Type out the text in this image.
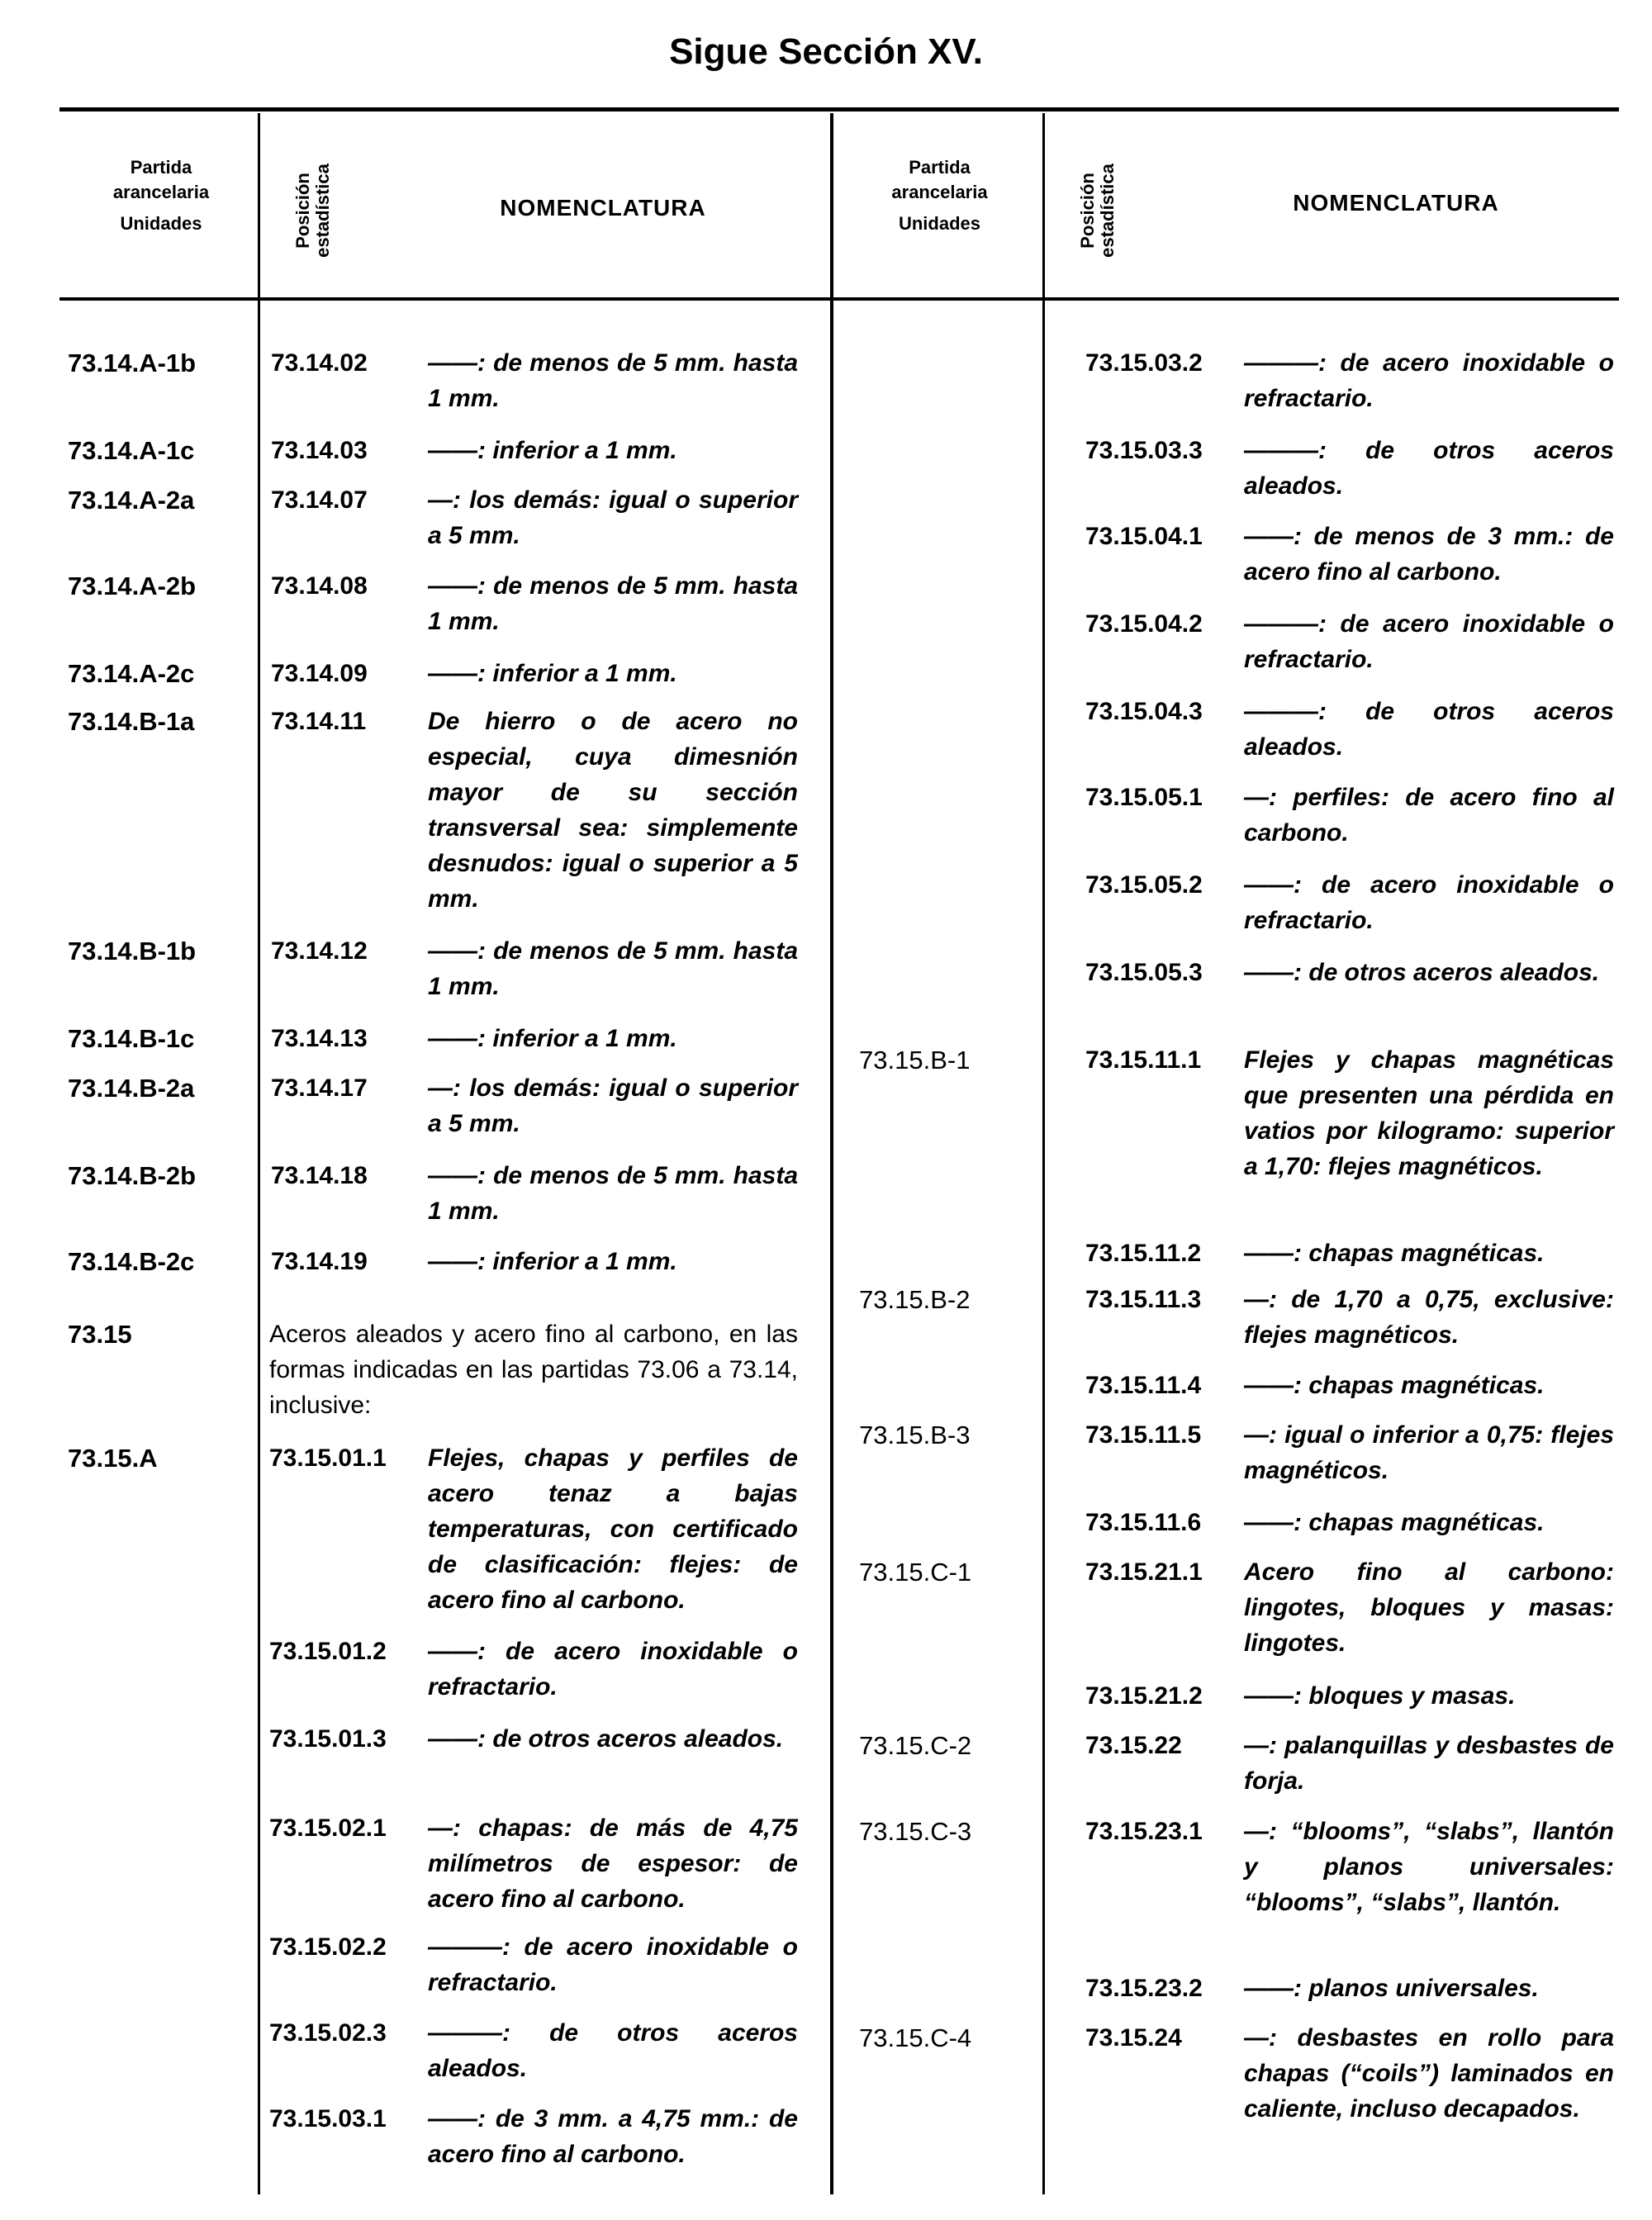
Sigue Sección XV.
Partida
arancelaria
Unidades	Posición estadística	NOMENCLATURA
Partida
arancelaria
Unidades	Posición estadística	NOMENCLATURA
73.14.A-1b	73.14.02 ——: de menos de 5 mm. hasta 1 mm.
73.14.A-1c	73.14.03 ——: inferior a 1 mm.
73.14.A-2a	73.14.07 —: los demás: igual o superior a 5 mm.
73.14.A-2b	73.14.08 ——: de menos de 5 mm. hasta 1 mm.
73.14.A-2c	73.14.09 ——: inferior a 1 mm.
73.14.B-1a	73.14.11 De hierro o de acero no especial, cuya dimesnión mayor de su sección transversal sea: simplemente desnudos: igual o superior a 5 mm.
73.14.B-1b	73.14.12 ——: de menos de 5 mm. hasta 1 mm.
73.14.B-1c	73.14.13 ——: inferior a 1 mm.
73.14.B-2a	73.14.17 —: los demás: igual o superior a 5 mm.
73.14.B-2b	73.14.18 ——: de menos de 5 mm. hasta 1 mm.
73.14.B-2c	73.14.19 ——: inferior a 1 mm.
73.15	Aceros aleados y acero fino al carbono, en las formas indicadas en las partidas 73.06 a 73.14, inclusive:
73.15.A	73.15.01.1 Flejes, chapas y perfiles de acero tenaz a bajas temperaturas, con certificado de clasificación: flejes: de acero fino al carbono.
73.15.01.2 ——: de acero inoxidable o refractario.
73.15.01.3 ——: de otros aceros aleados.
73.15.02.1 —: chapas: de más de 4,75 milímetros de espesor: de acero fino al carbono.
73.15.02.2 ———: de acero inoxidable o refractario.
73.15.02.3 ———: de otros aceros aleados.
73.15.03.1 ——: de 3 mm. a 4,75 mm.: de acero fino al carbono.
73.15.03.2 ———: de acero inoxidable o refractario.
73.15.03.3 ———: de otros aceros aleados.
73.15.04.1 ——: de menos de 3 mm.: de acero fino al carbono.
73.15.04.2 ———: de acero inoxidable o refractario.
73.15.04.3 ———: de otros aceros aleados.
73.15.05.1 —: perfiles: de acero fino al carbono.
73.15.05.2 ——: de acero inoxidable o refractario.
73.15.05.3 ——: de otros aceros aleados.
73.15.B-1	73.15.11.1 Flejes y chapas magnéticas que presenten una pérdida en vatios por kilogramo: superior a 1,70: flejes magnéticos.
73.15.11.2 ——: chapas magnéticas.
73.15.B-2	73.15.11.3 —: de 1,70 a 0,75, exclusive: flejes magnéticos.
73.15.11.4 ——: chapas magnéticas.
73.15.B-3	73.15.11.5 —: igual o inferior a 0,75: flejes magnéticos.
73.15.11.6 ——: chapas magnéticas.
73.15.C-1	73.15.21.1 Acero fino al carbono: lingotes, bloques y masas: lingotes.
73.15.21.2 ——: bloques y masas.
73.15.C-2	73.15.22	—: palanquillas y desbastes de forja.
73.15.C-3	73.15.23.1 —: “blooms”, “slabs”, llantón y planos universales: “blooms”, “slabs”, llantón.
73.15.23.2 ——: planos universales.
73.15.C-4	73.15.24	—: desbastes en rollo para chapas (“coils”) laminados en caliente, incluso decapados.
